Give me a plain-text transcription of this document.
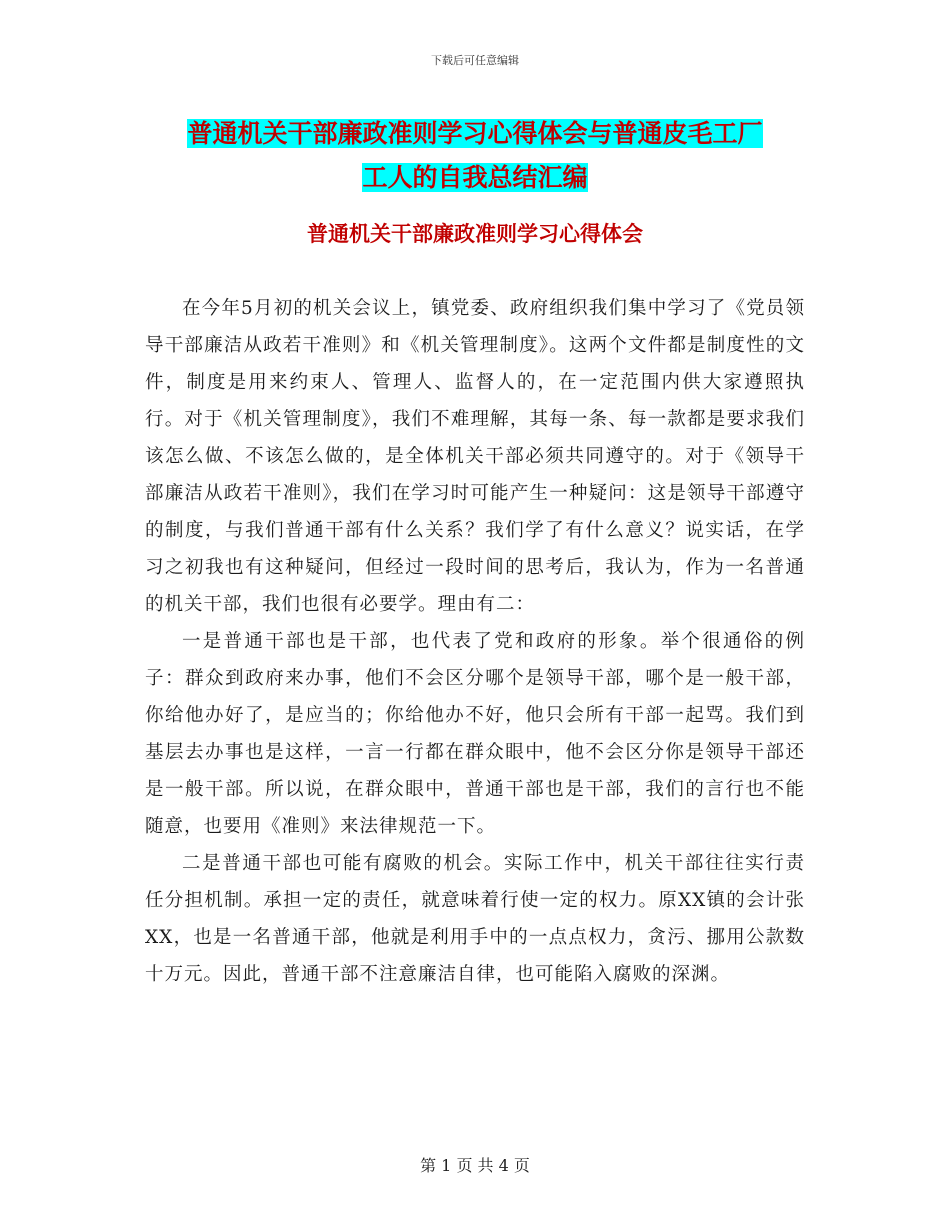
下载后可任意编辑
普通机关干部廉政准则学习心得体会与普通皮毛工厂
工人的自我总结汇编
普通机关干部廉政准则学习心得体会

在今年5月初的机关会议上，镇党委、政府组织我们集中学习了《党员领导干部廉洁从政若干准则》和《机关管理制度》。这两个文件都是制度性的文件，制度是用来约束人、管理人、监督人的，在一定范围内供大家遵照执行。对于《机关管理制度》，我们不难理解，其每一条、每一款都是要求我们该怎么做、不该怎么做的，是全体机关干部必须共同遵守的。对于《领导干部廉洁从政若干准则》，我们在学习时可能产生一种疑问：这是领导干部遵守的制度，与我们普通干部有什么关系？我们学了有什么意义？说实话，在学习之初我也有这种疑问，但经过一段时间的思考后，我认为，作为一名普通的机关干部，我们也很有必要学。理由有二：

一是普通干部也是干部，也代表了党和政府的形象。举个很通俗的例子：群众到政府来办事，他们不会区分哪个是领导干部，哪个是一般干部，你给他办好了，是应当的；你给他办不好，他只会所有干部一起骂。我们到基层去办事也是这样，一言一行都在群众眼中，他不会区分你是领导干部还是一般干部。所以说，在群众眼中，普通干部也是干部，我们的言行也不能随意，也要用《准则》来法律规范一下。

二是普通干部也可能有腐败的机会。实际工作中，机关干部往往实行责任分担机制。承担一定的责任，就意味着行使一定的权力。原XX镇的会计张XX，也是一名普通干部，他就是利用手中的一点点权力，贪污、挪用公款数十万元。因此，普通干部不注意廉洁自律，也可能陷入腐败的深渊。

第 1 页 共 4 页
